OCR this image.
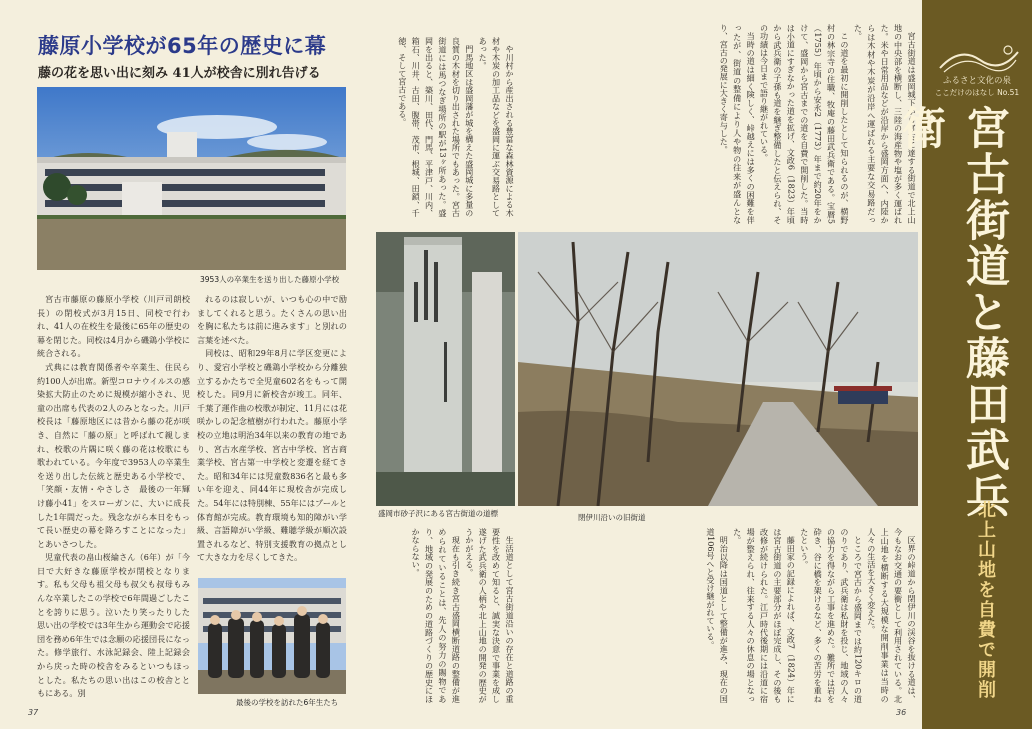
藤原小学校が65年の歴史に幕
藤の花を思い出に刻み 41人が校舎に別れ告げる
3953人の卒業生を送り出した藤原小学校

宮古市藤原の藤原小学校（川戸司朗校長）の閉校式が3月15日、同校で行われ、41人の在校生を最後に65年の歴史の幕を閉じた。同校は4月から磯鶏小学校に統合される。

式典には教育関係者や卒業生、住民ら約100人が出席。新型コロナウイルスの感染拡大防止のために規模が縮小され、児童の出席も代表の2人のみとなった。川戸校長は「藤原地区には昔から藤の花が咲き、自然に「藤の原」と呼ばれて親しまれ、校歌の片隅に咲く藤の花は校歌にも歌われている。今年度で3953人の卒業生を送り出した伝統と歴史ある小学校で、「笑顔・友情・やさしさ　最後の一年輝け藤小41」をスローガンに、大いに成長した1年間だった。残念ながら本日をもって長い歴史の幕を降ろすことになった」とあいさつした。

児童代表の畠山桜綸さん（6年）が「今日で大好きな藤原学校が閉校となります。私も父母も祖父母も叔父も叔母もみんな卒業したこの学校で6年間過ごしたことを誇りに思う。泣いたり笑ったりした思い出の学校では3年生から運動会で応援団を務め6年生では念願の応援団長になった。修学旅行、水泳記録会、陸上記録会から戻った時の校舎をみるといつもほっとした。私たちの思い出はこの校舎とともにある。別

れるのは寂しいが、いつも心の中で励ましてくれると思う。たくさんの思い出を胸に私たちは前に進みます」と別れの言葉を述べた。

同校は、昭和29年8月に学区変更により、愛宕小学校と磯鶏小学校から分離独立するかたちで全児童602名をもって開校した。同9月に新校舎が竣工。同年、千葉了運作曲の校歌が制定、11月には花咲かしの記念植樹が行われた。藤原小学校の立地は明治34年以来の教育の地であり、宮古水産学校、宮古中学校、宮古商業学校、宮古第一中学校と変遷を経てきた。昭和34年には児童数836名と最も多い年を迎え、同44年に現校舎が完成した。54年には特別棟、55年にはプールと体育館が完成。教育環境も知的障がい学級、言語障がい学級、難聴学級が順次設置されるなど、特別支援教育の拠点として大きな力を尽くしてきた。

最後の学校を訪れた6年生たち

や川村から産出される豊富な森林資源による木材や木炭の加工品などを盛岡に運ぶ交易路としてあった。

門馬地区は盛岡藩が城を構えた盛岡城に多量の良質の木材を切り出された場所でもあった。宮古街道には馬つなぎ場所の駅が13ヶ所あった。盛岡を出ると、築川、田代、門馬、平津戸、川内、箱石、川井、古田、腹帯、茂市、根城、田鎖、千徳、そして宮古である。

盛岡市砂子沢にある宮古街道の道標

生活道として宮古街道沿いの存在と道路の重要性を改めて知ると、誠実な決意で事業を成し遂げた武兵衛の人柄や北上山地の開発の歴史がうかがえる。

現在も引き続き宮古盛岡横断道路の整備が進められていることは、先人の努力の賜物であり、地域の発展のための道路づくりの歴史にほかならない。

37

宮古街道は盛岡城下から宮古に達する街道で北上山地の中央部を横断し、三陸の海産物や塩が多く運ばれた。米や日常用品などが沿岸から盛岡方面へ、内陸からは木材や木炭が沿岸へ運ばれる主要な交易路だった。

この道を最初に開削したとして知られるのが、横野村の林宗寺の住職、牧庵の藤田武兵衛である。宝暦5（1755）年頃から安永2（1773）年まで約20年をかけて、盛岡から宮古までの道を自費で開削した。当時は小道にすぎなかった道を拡げ、文政6（1823）年頃から武兵衛の子孫も道を継ぎ整備したと伝えられ、その功績は今日まで語り継がれている。

当時の道は細く険しく、峠越えには多くの困難を伴ったが、街道の整備により人や物の往来が盛んとなり、宮古の発展に大きく寄与した。

閉伊川沿いの旧街道

区界の峠道から閉伊川の渓谷を抜ける道は、今もなお交通の要衝として利用されている。北上山地を横断する大規模な開削事業は当時の人々の生活を大きく変えた。

ところで宮古から盛岡までは約120キロの道のりであり、武兵衛は私財を投じ、地域の人々の協力を得ながら工事を進めた。難所では岩を砕き、谷に橋を架けるなど、多くの苦労を重ねたという。

藤田家の記録によれば、文政7（1824）年には宮古街道の主要部分がほぼ完成し、その後も改修が続けられた。江戸時代後期には沿道に宿場が整えられ、往来する人々の休息の場となった。

明治以降は国道として整備が進み、現在の国道106号へと受け継がれている。

36
ふるさと文化の泉
ここだけのはなし No.51
宮古街道と藤田武兵衛
北上山地を自費で開削
